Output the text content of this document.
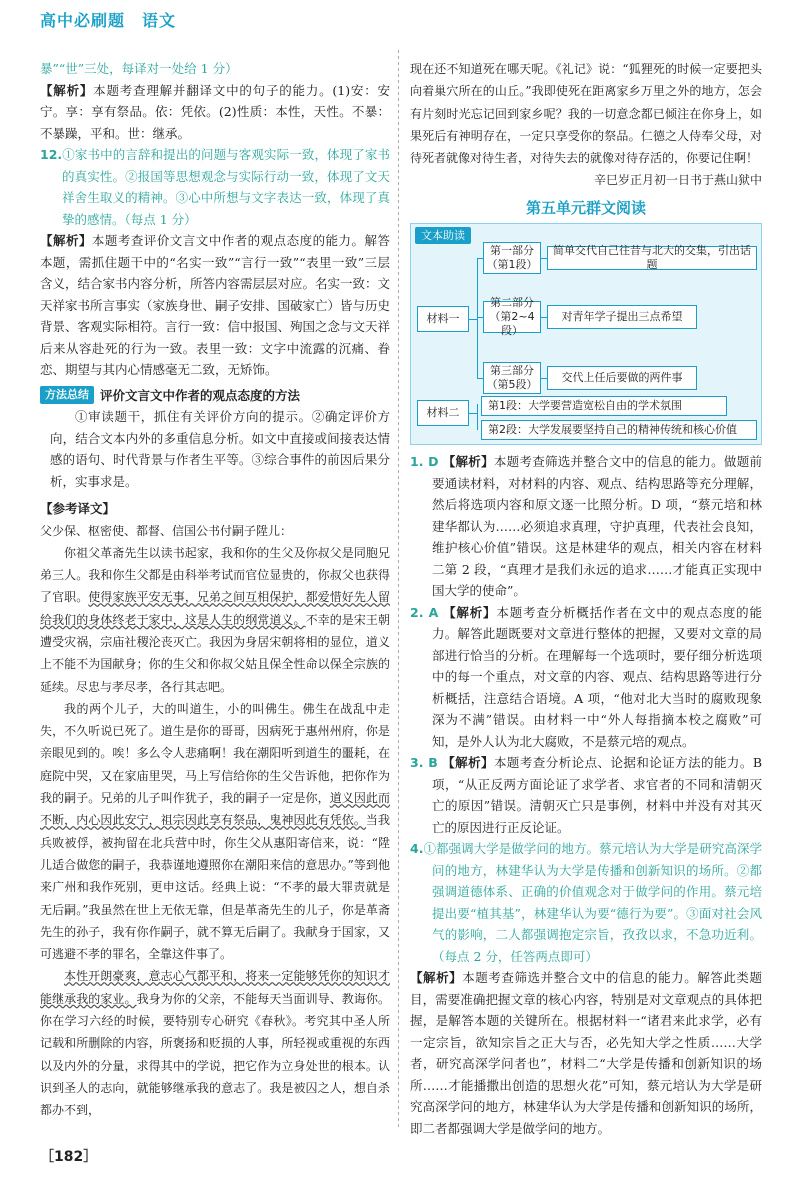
高中必刷题　语文

暴”“世”三处，每译对一处给 1 分）

【解析】本题考查理解并翻译文中的句子的能力。(1)安：安宁。享：享有祭品。依：凭依。(2)性质：本性，天性。不暴：不暴躁，平和。世：继承。

12.①家书中的言辞和提出的问题与客观实际一致，体现了家书的真实性。②报国等思想观念与实际行动一致，体现了文天祥舍生取义的精神。③心中所想与文字表达一致，体现了真挚的感情。（每点 1 分）

【解析】本题考查评价文言文中作者的观点态度的能力。解答本题，需抓住题干中的“名实一致”“言行一致”“表里一致”三层含义，结合家书内容分析，所答内容需层层对应。名实一致：文天祥家书所言事实（家族身世、嗣子安排、国破家亡）皆与历史背景、客观实际相符。言行一致：信中报国、殉国之念与文天祥后来从容赴死的行为一致。表里一致：文字中流露的沉痛、眷恋、期望与其内心情感毫无二致，无矫饰。

方法总结 评价文言文中作者的观点态度的方法

①审读题干，抓住有关评价方向的提示。②确定评价方向，结合文本内外的多重信息分析。如文中直接或间接表达情感的语句、时代背景与作者生平等。③综合事件的前因后果分析，实事求是。

【参考译文】

父少保、枢密使、都督、信国公书付嗣子陞儿：

你祖父革斋先生以读书起家，我和你的生父及你叔父是同胞兄弟三人。我和你生父都是由科举考试而官位显贵的，你叔父也获得了官职。使得家族平安无事，兄弟之间互相保护，都爱惜好先人留给我们的身体终老于家中，这是人生的纲常道义。不幸的是宋王朝遭受灾祸，宗庙社稷沦丧灭亡。我因为身居宋朝将相的显位，道义上不能不为国献身；你的生父和你叔父姑且保全性命以保全宗族的延续。尽忠与孝尽孝，各行其志吧。

我的两个儿子，大的叫道生，小的叫佛生。佛生在战乱中走失，不久听说已死了。道生是你的哥哥，因病死于惠州州府，你是亲眼见到的。唉！多么令人悲痛啊！我在潮阳听到道生的噩耗，在庭院中哭，又在家庙里哭，马上写信给你的生父告诉他，把你作为我的嗣子。兄弟的儿子叫作犹子，我的嗣子一定是你，道义因此而不断，内心因此安宁，祖宗因此享有祭品，鬼神因此有凭依。当我兵败被俘，被拘留在北兵营中时，你生父从惠阳寄信来，说：“陞儿适合做您的嗣子，我恭谨地遵照你在潮阳来信的意思办。”等到他来广州和我作死别，更申这话。经典上说：“不孝的最大罪责就是无后嗣。”我虽然在世上无依无靠，但是革斋先生的儿子，你是革斋先生的孙子，我有你作嗣子，就不算无后嗣了。我献身于国家，又可逃避不孝的罪名，全靠这件事了。

本性开朗豪爽，意志心气都平和，将来一定能够凭你的知识才能继承我的家业。我身为你的父亲，不能每天当面训导、教诲你。你在学习六经的时候，要特别专心研究《春秋》。考究其中圣人所记载和所删除的内容，所褒扬和贬损的人事，所轻视或重视的东西以及内外的分量，求得其中的学说，把它作为立身处世的根本。认识到圣人的志向，就能够继承我的意志了。我是被囚之人，想自杀都办不到，

现在还不知道死在哪天呢。《礼记》说：“狐狸死的时候一定要把头向着巢穴所在的山丘。”我即使死在距离家乡万里之外的地方，怎会有片刻时光忘记回到家乡呢？我的一切意念都已倾注在你身上，如果死后有神明存在，一定只享受你的祭品。仁德之人侍奉父母，对待死者就像对待生者，对待失去的就像对待存活的，你要记住啊！

辛巳岁正月初一日书于燕山狱中

第五单元群文阅读
文本助读
材料一
材料二
第一部分（第1段）
简单交代自己往昔与北大的交集，引出话题
第二部分（第2~4段）
对青年学子提出三点希望
第三部分（第5段）
交代上任后要做的两件事
第1段：大学要营造宽松自由的学术氛围
第2段：大学发展要坚持自己的精神传统和核心价值

1. D 【解析】本题考查筛选并整合文中的信息的能力。做题前要通读材料，对材料的内容、观点、结构思路等充分理解，然后将选项内容和原文逐一比照分析。D 项，“蔡元培和林建华都认为……必须追求真理，守护真理，代表社会良知，维护核心价值”错误。这是林建华的观点，相关内容在材料二第 2 段，“真理才是我们永远的追求……才能真正实现中国大学的使命”。

2. A 【解析】本题考查分析概括作者在文中的观点态度的能力。解答此题既要对文章进行整体的把握，又要对文章的局部进行恰当的分析。在理解每一个选项时，要仔细分析选项中的每一个重点，对文章的内容、观点、结构思路等进行分析概括，注意结合语境。A 项，“他对北大当时的腐败现象深为不满”错误。由材料一中“外人每指摘本校之腐败”可知，是外人认为北大腐败，不是蔡元培的观点。

3. B 【解析】本题考查分析论点、论据和论证方法的能力。B 项，“从正反两方面论证了求学者、求官者的不同和清朝灭亡的原因”错误。清朝灭亡只是事例，材料中并没有对其灭亡的原因进行正反论证。

4.①都强调大学是做学问的地方。蔡元培认为大学是研究高深学问的地方，林建华认为大学是传播和创新知识的场所。②都强调道德体系、正确的价值观念对于做学问的作用。蔡元培提出要“植其基”，林建华认为要“德行为要”。③面对社会风气的影响，二人都强调抱定宗旨，孜孜以求，不急功近利。（每点 2 分，任答两点即可）

【解析】本题考查筛选并整合文中的信息的能力。解答此类题目，需要准确把握文章的核心内容，特别是对文章观点的具体把握，是解答本题的关键所在。根据材料一“诸君来此求学，必有一定宗旨，欲知宗旨之正大与否，必先知大学之性质……大学者，研究高深学问者也”，材料二“大学是传播和创新知识的场所……才能播撒出创造的思想火花”可知，蔡元培认为大学是研究高深学问的地方，林建华认为大学是传播和创新知识的场所，即二者都强调大学是做学问的地方。

［182］
